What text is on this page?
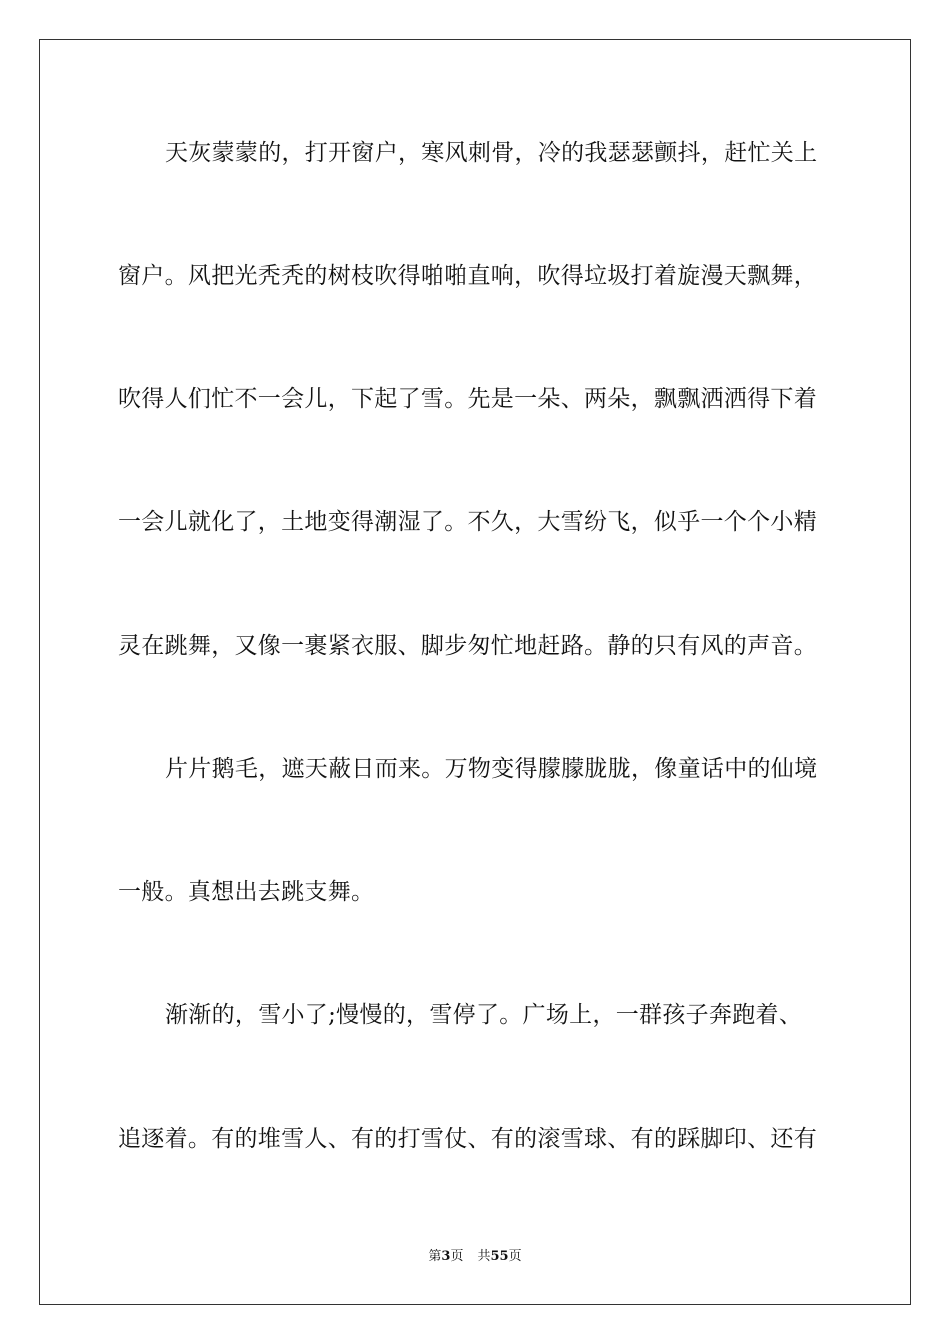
天灰蒙蒙的，打开窗户，寒风刺骨，冷的我瑟瑟颤抖，赶忙关上
窗户。风把光秃秃的树枝吹得啪啪直响，吹得垃圾打着旋漫天飘舞，
吹得人们忙不一会儿，下起了雪。先是一朵、两朵，飘飘洒洒得下着
一会儿就化了，土地变得潮湿了。不久，大雪纷飞，似乎一个个小精
灵在跳舞，又像一裹紧衣服、脚步匆忙地赶路。静的只有风的声音。
片片鹅毛，遮天蔽日而来。万物变得朦朦胧胧，像童话中的仙境
一般。真想出去跳支舞。
渐渐的，雪小了;慢慢的，雪停了。广场上，一群孩子奔跑着、
追逐着。有的堆雪人、有的打雪仗、有的滚雪球、有的踩脚印、还有
第3页 共55页
